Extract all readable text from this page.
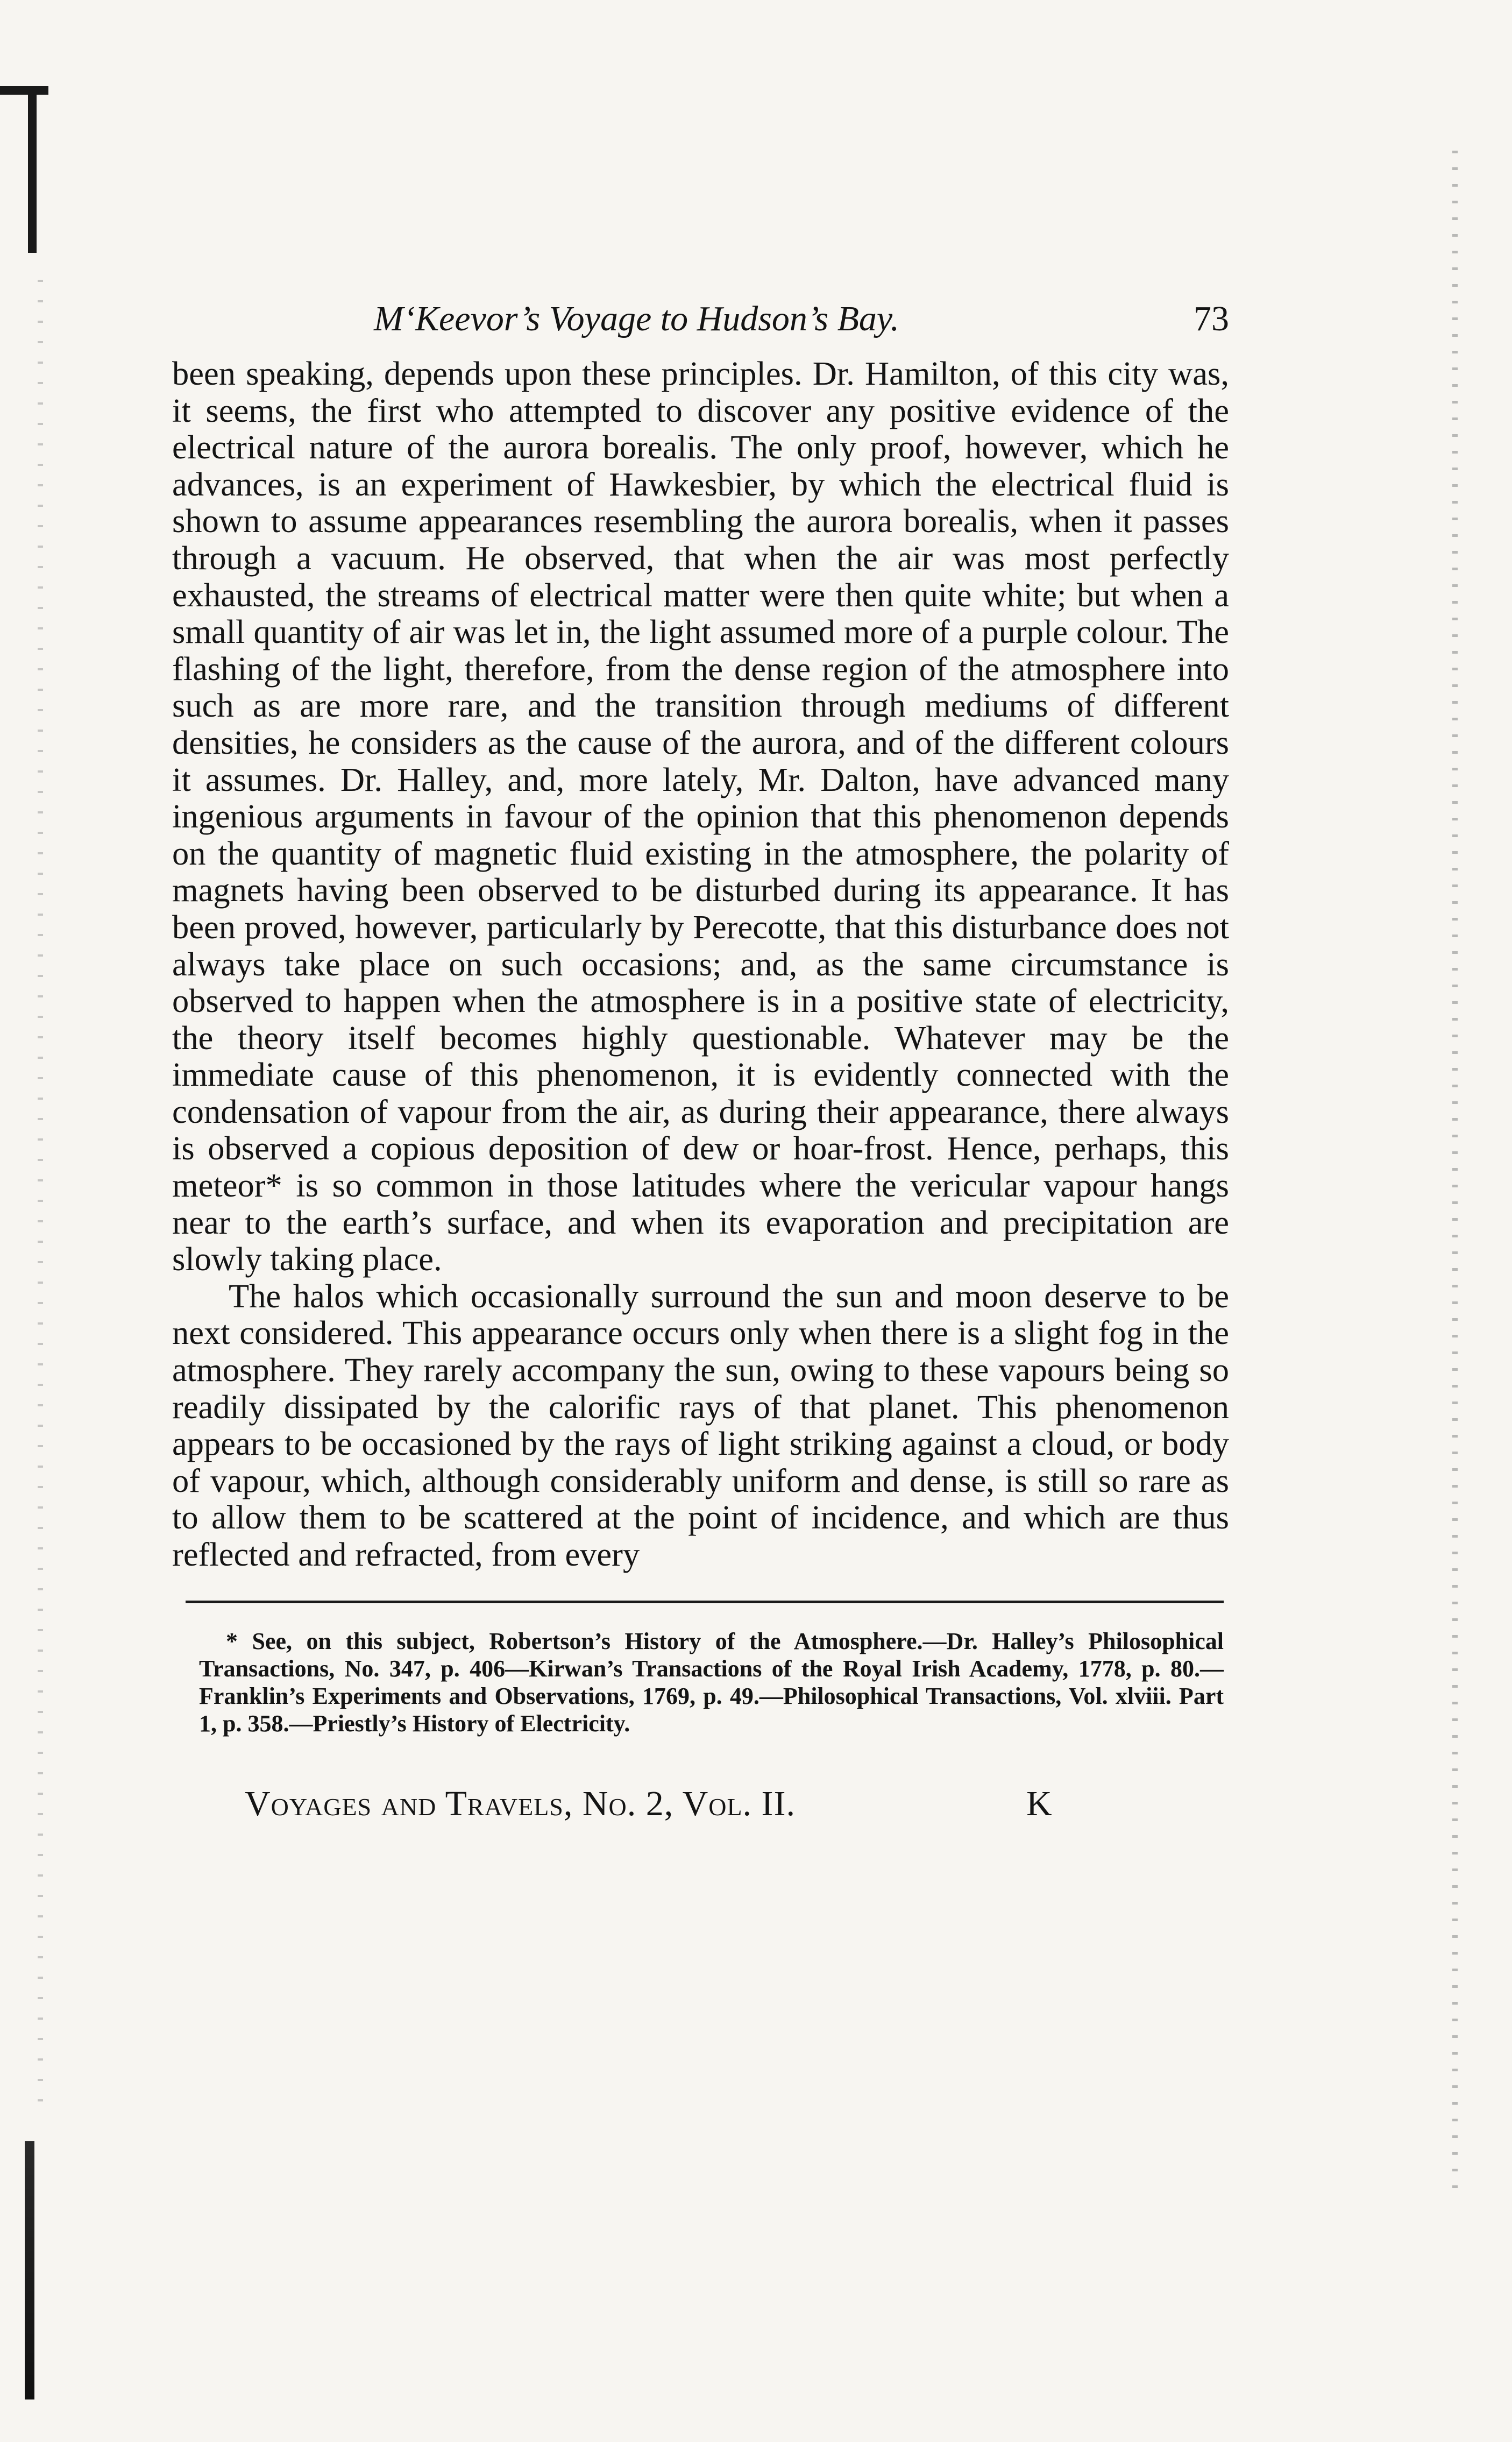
M‘Keevor’s Voyage to Hudson’s Bay.	73

been speaking, depends upon these principles. Dr. Hamilton, of this city was, it seems, the first who attempted to discover any positive evidence of the electrical nature of the aurora borealis. The only proof, however, which he advances, is an experiment of Hawkesbier, by which the electrical fluid is shown to assume appearances resembling the aurora borealis, when it passes through a vacuum. He observed, that when the air was most perfectly exhausted, the streams of electrical matter were then quite white; but when a small quantity of air was let in, the light assumed more of a purple colour. The flashing of the light, therefore, from the dense region of the atmosphere into such as are more rare, and the transition through mediums of different densities, he considers as the cause of the aurora, and of the different colours it assumes. Dr. Halley, and, more lately, Mr. Dalton, have advanced many ingenious arguments in favour of the opinion that this phenomenon depends on the quantity of magnetic fluid existing in the atmosphere, the polarity of magnets having been observed to be disturbed during its appearance. It has been proved, however, particularly by Perecotte, that this disturbance does not always take place on such occasions; and, as the same circumstance is observed to happen when the atmosphere is in a positive state of electricity, the theory itself becomes highly questionable. Whatever may be the immediate cause of this phenomenon, it is evidently connected with the condensation of vapour from the air, as during their appearance, there always is observed a copious deposition of dew or hoar-frost. Hence, perhaps, this meteor* is so common in those latitudes where the vericular vapour hangs near to the earth’s surface, and when its evaporation and precipitation are slowly taking place.

The halos which occasionally surround the sun and moon deserve to be next considered. This appearance occurs only when there is a slight fog in the atmosphere. They rarely accompany the sun, owing to these vapours being so readily dissipated by the calorific rays of that planet. This phenomenon appears to be occasioned by the rays of light striking against a cloud, or body of vapour, which, although considerably uniform and dense, is still so rare as to allow them to be scattered at the point of incidence, and which are thus reflected and refracted, from every

* See, on this subject, Robertson’s History of the Atmosphere.—Dr. Halley’s Philosophical Transactions, No. 347, p. 406—Kirwan’s Transactions of the Royal Irish Academy, 1778, p. 80.—Franklin’s Experiments and Observations, 1769, p. 49.—Philosophical Transactions, Vol. xlviii. Part 1, p. 358.—Priestly’s History of Electricity.
Voyages and Travels, No. 2, Vol. II.	K
